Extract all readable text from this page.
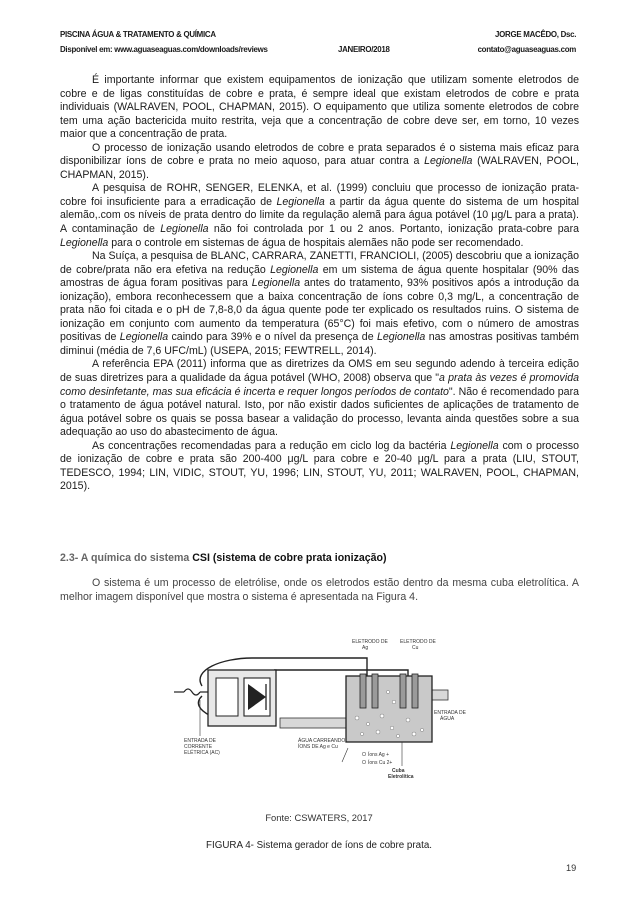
PISCINA ÁGUA & TRATAMENTO & QUÍMICA
Disponível em: www.aguaseaguas.com/downloads/reviews	JANEIRO/2018
JORGE MACÊDO, Dsc.
contato@aguaseaguas.com

É importante informar que existem equipamentos de ionização que utilizam somente eletrodos de cobre e de ligas constituídas de cobre e prata, é sempre ideal que existam eletrodos de cobre e prata individuais (WALRAVEN, POOL, CHAPMAN, 2015). O equipamento que utiliza somente eletrodos de cobre tem uma ação bactericida muito restrita, veja que a concentração de cobre deve ser, em torno, 10 vezes maior que a concentração de prata.

O processo de ionização usando eletrodos de cobre e prata separados é o sistema mais eficaz para disponibilizar íons de cobre e prata no meio aquoso, para atuar contra a Legionella (WALRAVEN, POOL, CHAPMAN, 2015).

A pesquisa de ROHR, SENGER, ELENKA, et al. (1999) concluiu que processo de ionização prata-cobre foi insuficiente para a erradicação de Legionella a partir da água quente do sistema de um hospital alemão,.com os níveis de prata dentro do limite da regulação alemã para água potável (10 μg/L para a prata). A contaminação de Legionella não foi controlada por 1 ou 2 anos. Portanto, ionização prata-cobre para Legionella para o controle em sistemas de água de hospitais alemães não pode ser recomendado.

Na Suíça, a pesquisa de BLANC, CARRARA, ZANETTI, FRANCIOLI, (2005) descobriu que a ionização de cobre/prata não era efetiva na redução Legionella em um sistema de água quente hospitalar (90% das amostras de água foram positivas para Legionella antes do tratamento, 93% positivos após a introdução da ionização), embora reconhecessem que a baixa concentração de íons cobre 0,3 mg/L, a concentração de prata não foi citada e o pH de 7,8-8,0 da água quente pode ter explicado os resultados ruins. O sistema de ionização em conjunto com aumento da temperatura (65°C) foi mais efetivo, com o número de amostras positivas de Legionella caindo para 39% e o nível da presença de Legionella nas amostras positivas também diminui (média de 7,6 UFC/mL) (USEPA, 2015; FEWTRELL, 2014).

A referência EPA (2011) informa que as diretrizes da OMS em seu segundo adendo à terceira edição de suas diretrizes para a qualidade da água potável (WHO, 2008) observa que "a prata às vezes é promovida como desinfetante, mas sua eficácia é incerta e requer longos períodos de contato". Não é recomendado para o tratamento de água potável natural. Isto, por não existir dados suficientes de aplicações de tratamento de água potável sobre os quais se possa basear a validação do processo, levanta ainda questões sobre a sua adequação ao uso do abastecimento de água.

As concentrações recomendadas para a redução em ciclo log da bactéria Legionella com o processo de ionização de cobre e prata são 200-400 μg/L para cobre e 20-40 μg/L para a prata (LIU, STOUT, TEDESCO, 1994; LIN, VIDIC, STOUT, YU, 1996; LIN, STOUT, YU, 2011; WALRAVEN, POOL, CHAPMAN, 2015).

2.3- A química do sistema CSI (sistema de cobre prata ionização)

O sistema é um processo de eletrólise, onde os eletrodos estão dentro da mesma cuba eletrolítica. A melhor imagem disponível que mostra o sistema é apresentada na Figura 4.

ENTRADA DE
CORRENTE
ELÉTRICA (AC)
ÁGUA CARREANDO
ÍONS DE Ag e Cu
ELETRODO DE
Ag
ELETRODO DE
Cu
ENTRADA DE
ÁGUA
Íons Ag +
Íons Cu 2+
Cuba
Eletrolítica
Fonte: CSWATERS, 2017
FIGURA 4- Sistema gerador de íons de cobre prata.
19
